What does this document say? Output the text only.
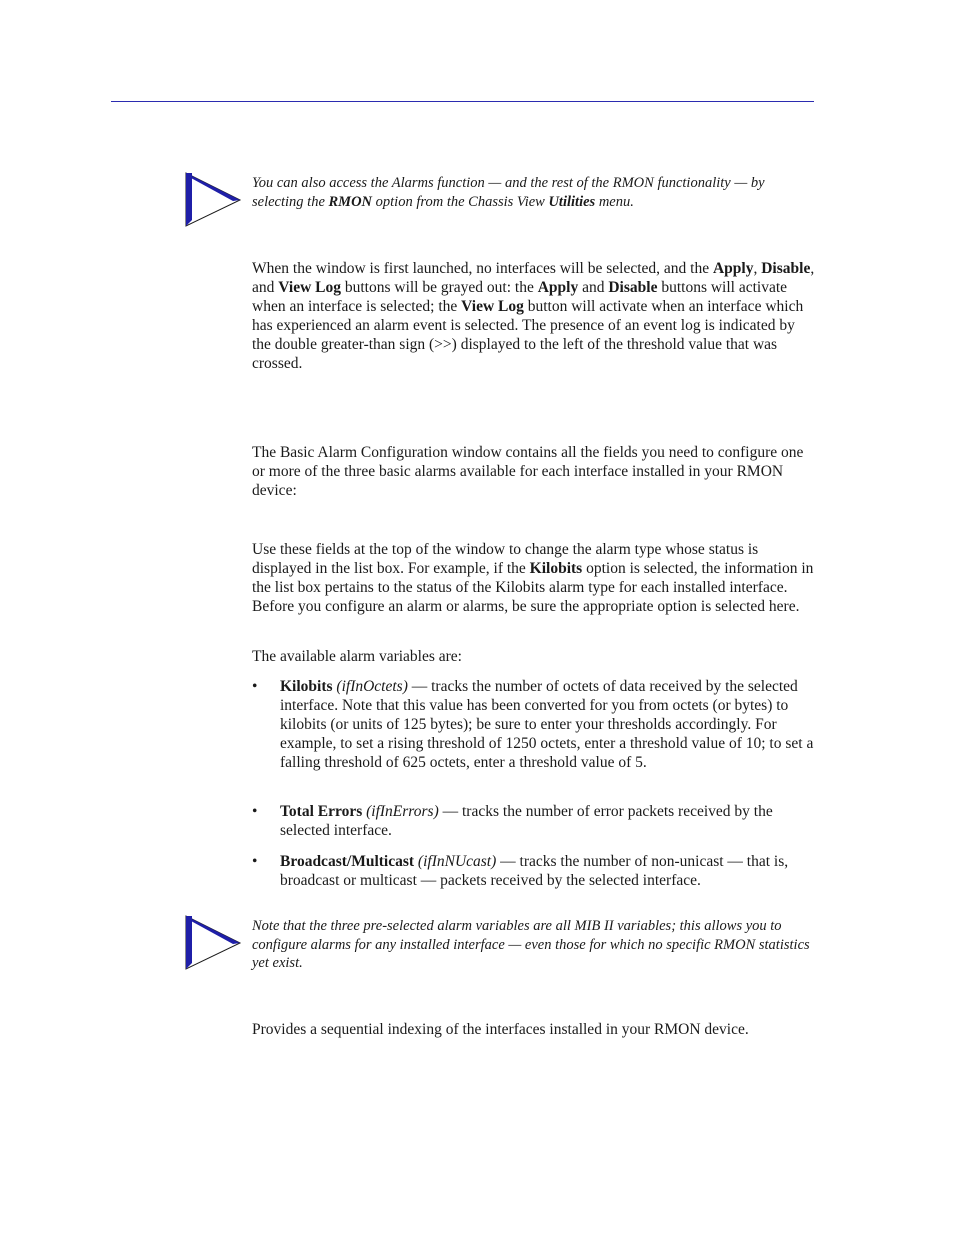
You can also access the Alarms function — and the rest of the RMON functionality — by selecting the RMON option from the Chassis View Utilities menu.
When the window is first launched, no interfaces will be selected, and the Apply, Disable, and View Log buttons will be grayed out: the Apply and Disable buttons will activate when an interface is selected; the View Log button will activate when an interface which has experienced an alarm event is selected. The presence of an event log is indicated by the double greater-than sign (>>) displayed to the left of the threshold value that was crossed.
The Basic Alarm Configuration window contains all the fields you need to configure one or more of the three basic alarms available for each interface installed in your RMON device:
Use these fields at the top of the window to change the alarm type whose status is displayed in the list box. For example, if the Kilobits option is selected, the information in the list box pertains to the status of the Kilobits alarm type for each installed interface. Before you configure an alarm or alarms, be sure the appropriate option is selected here.
The available alarm variables are:
•	Kilobits (ifInOctets) — tracks the number of octets of data received by the selected interface. Note that this value has been converted for you from octets (or bytes) to kilobits (or units of 125 bytes); be sure to enter your thresholds accordingly. For example, to set a rising threshold of 1250 octets, enter a threshold value of 10; to set a falling threshold of 625 octets, enter a threshold value of 5.
•	Total Errors (ifInErrors) — tracks the number of error packets received by the selected interface.
•	Broadcast/Multicast (ifInNUcast) — tracks the number of non-unicast — that is, broadcast or multicast — packets received by the selected interface.
Note that the three pre-selected alarm variables are all MIB II variables; this allows you to configure alarms for any installed interface — even those for which no specific RMON statistics yet exist.
Provides a sequential indexing of the interfaces installed in your RMON device.
